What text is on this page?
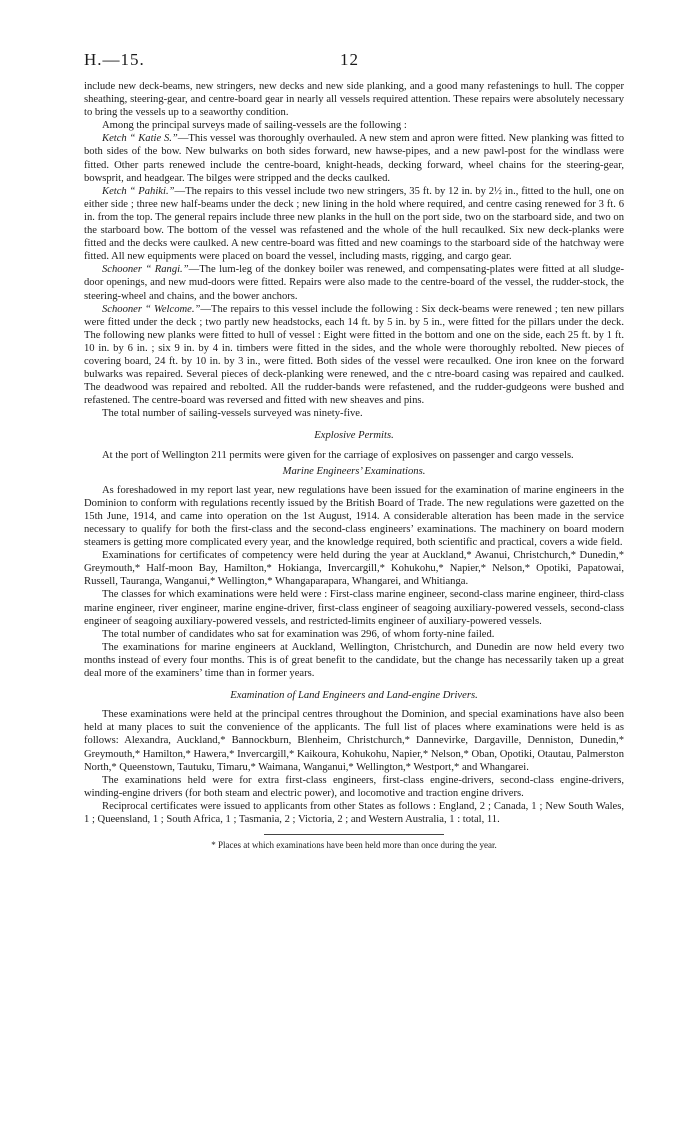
H.—15.	12

include new deck-beams, new stringers, new decks and new side planking, and a good many refastenings to hull. The copper sheathing, steering-gear, and centre-board gear in nearly all vessels required attention. These repairs were absolutely necessary to bring the vessels up to a seaworthy condition.

Among the principal surveys made of sailing-vessels are the following :

Ketch “ Katie S.”—This vessel was thoroughly overhauled. A new stem and apron were fitted. New planking was fitted to both sides of the bow. New bulwarks on both sides forward, new hawse-pipes, and a new pawl-post for the windlass were fitted. Other parts renewed include the centre-board, knight-heads, decking forward, wheel chains for the steering-gear, bowsprit, and headgear. The bilges were stripped and the decks caulked.

Ketch “ Pahiki.”—The repairs to this vessel include two new stringers, 35 ft. by 12 in. by 2½ in., fitted to the hull, one on either side ; three new half-beams under the deck ; new lining in the hold where required, and centre casing renewed for 3 ft. 6 in. from the top. The general repairs include three new planks in the hull on the port side, two on the starboard side, and two on the starboard bow. The bottom of the vessel was refastened and the whole of the hull recaulked. Six new deck-planks were fitted and the decks were caulked. A new centre-board was fitted and new coamings to the starboard side of the hatchway were fitted. All new equipments were placed on board the vessel, including masts, rigging, and cargo gear.

Schooner “ Rangi.”—The lum-leg of the donkey boiler was renewed, and compensating-plates were fitted at all sludge-door openings, and new mud-doors were fitted. Repairs were also made to the centre-board of the vessel, the rudder-stock, the steering-wheel and chains, and the bower anchors.

Schooner “ Welcome.”—The repairs to this vessel include the following : Six deck-beams were renewed ; ten new pillars were fitted under the deck ; two partly new headstocks, each 14 ft. by 5 in. by 5 in., were fitted for the pillars under the deck. The following new planks were fitted to hull of vessel : Eight were fitted in the bottom and one on the side, each 25 ft. by 1 ft. 10 in. by 6 in. ; six 9 in. by 4 in. timbers were fitted in the sides, and the whole were thoroughly rebolted. New pieces of covering board, 24 ft. by 10 in. by 3 in., were fitted. Both sides of the vessel were recaulked. One iron knee on the forward bulwarks was repaired. Several pieces of deck-planking were renewed, and the c ntre-board casing was repaired and caulked. The deadwood was repaired and rebolted. All the rudder-bands were refastened, and the rudder-gudgeons were bushed and refastened. The centre-board was reversed and fitted with new sheaves and pins.

The total number of sailing-vessels surveyed was ninety-five.

Explosive Permits.

At the port of Wellington 211 permits were given for the carriage of explosives on passenger and cargo vessels.

Marine Engineers’ Examinations.

As foreshadowed in my report last year, new regulations have been issued for the examination of marine engineers in the Dominion to conform with regulations recently issued by the British Board of Trade. The new regulations were gazetted on the 15th June, 1914, and came into operation on the 1st August, 1914. A considerable alteration has been made in the service necessary to qualify for both the first-class and the second-class engineers’ examinations. The machinery on board modern steamers is getting more complicated every year, and the knowledge required, both scientific and practical, covers a wide field.

Examinations for certificates of competency were held during the year at Auckland,* Awanui, Christchurch,* Dunedin,* Greymouth,* Half-moon Bay, Hamilton,* Hokianga, Invercargill,* Kohukohu,* Napier,* Nelson,* Opotiki, Papatowai, Russell, Tauranga, Wanganui,* Wellington,* Whangaparapara, Whangarei, and Whitianga.

The classes for which examinations were held were : First-class marine engineer, second-class marine engineer, third-class marine engineer, river engineer, marine engine-driver, first-class engineer of seagoing auxiliary-powered vessels, second-class engineer of seagoing auxiliary-powered vessels, and restricted-limits engineer of auxiliary-powered vessels.

The total number of candidates who sat for examination was 296, of whom forty-nine failed.

The examinations for marine engineers at Auckland, Wellington, Christchurch, and Dunedin are now held every two months instead of every four months. This is of great benefit to the candidate, but the change has necessarily taken up a great deal more of the examiners’ time than in former years.

Examination of Land Engineers and Land-engine Drivers.

These examinations were held at the principal centres throughout the Dominion, and special examinations have also been held at many places to suit the convenience of the applicants. The full list of places where examinations were held is as follows: Alexandra, Auckland,* Bannockburn, Blenheim, Christchurch,* Dannevirke, Dargaville, Denniston, Dunedin,* Greymouth,* Hamilton,* Hawera,* Invercargill,* Kaikoura, Kohukohu, Napier,* Nelson,* Oban, Opotiki, Otautau, Palmerston North,* Queenstown, Tautuku, Timaru,* Waimana, Wanganui,* Wellington,* Westport,* and Whangarei.

The examinations held were for extra first-class engineers, first-class engine-drivers, second-class engine-drivers, winding-engine drivers (for both steam and electric power), and locomotive and traction engine drivers.

Reciprocal certificates were issued to applicants from other States as follows : England, 2 ; Canada, 1 ; New South Wales, 1 ; Queensland, 1 ; South Africa, 1 ; Tasmania, 2 ; Victoria, 2 ; and Western Australia, 1 : total, 11.

* Places at which examinations have been held more than once during the year.
